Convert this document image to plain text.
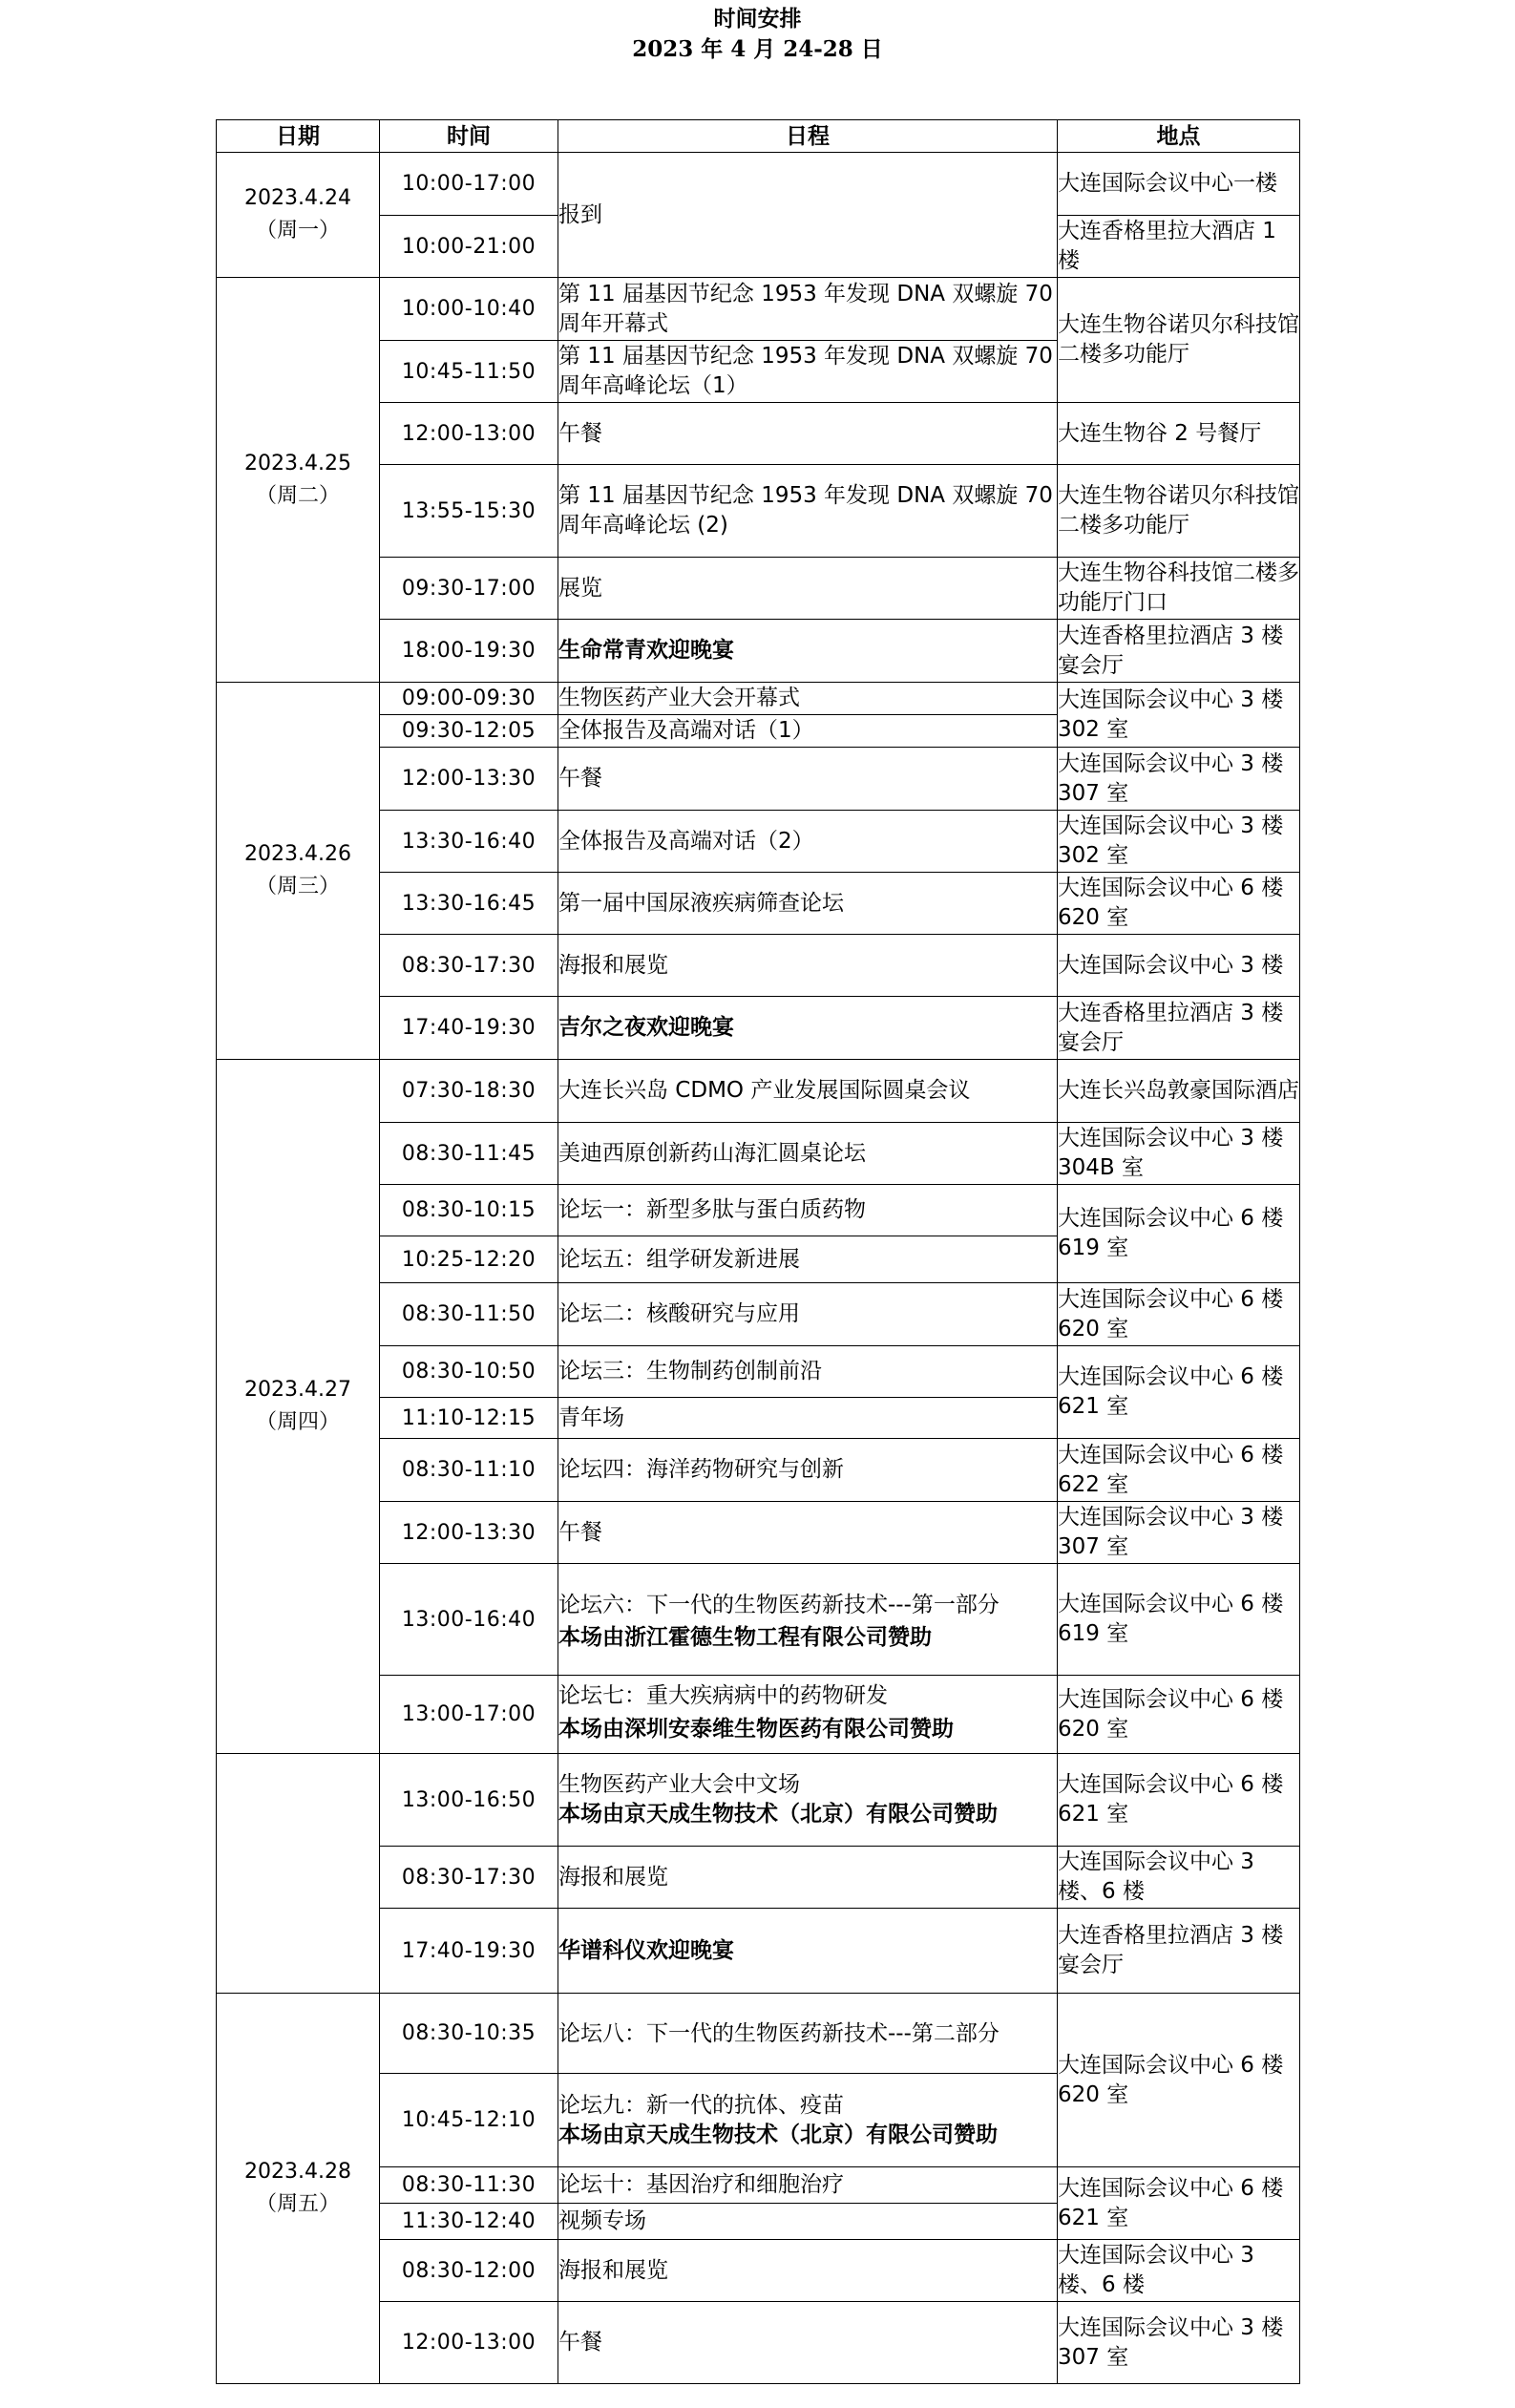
时间安排
2023 年 4 月 24-28 日
日期	时间	日程	地点

2023.4.24
（周一）	10:00-17:00	报到	大连国际会议中心一楼
	10:00-21:00		大连香格里拉大酒店 1 楼

2023.4.25
（周二）	10:00-10:40	第 11 届基因节纪念 1953 年发现 DNA 双螺旋 70 周年开幕式	大连生物谷诺贝尔科技馆二楼多功能厅
	10:45-11:50	第 11 届基因节纪念 1953 年发现 DNA 双螺旋 70 周年高峰论坛（1）	
	12:00-13:00	午餐	大连生物谷 2 号餐厅
	13:55-15:30	第 11 届基因节纪念 1953 年发现 DNA 双螺旋 70 周年高峰论坛 (2)	大连生物谷诺贝尔科技馆二楼多功能厅
	09:30-17:00	展览	大连生物谷科技馆二楼多功能厅门口
	18:00-19:30	生命常青欢迎晚宴	大连香格里拉酒店 3 楼宴会厅

2023.4.26
（周三）	09:00-09:30	生物医药产业大会开幕式	大连国际会议中心 3 楼 302 室
	09:30-12:05	全体报告及高端对话（1）	
	12:00-13:30	午餐	大连国际会议中心 3 楼 307 室
	13:30-16:40	全体报告及高端对话（2）	大连国际会议中心 3 楼 302 室
	13:30-16:45	第一届中国尿液疾病筛查论坛	大连国际会议中心 6 楼 620 室
	08:30-17:30	海报和展览	大连国际会议中心 3 楼
	17:40-19:30	吉尔之夜欢迎晚宴	大连香格里拉酒店 3 楼宴会厅

2023.4.27
（周四）	07:30-18:30	大连长兴岛 CDMO 产业发展国际圆桌会议	大连长兴岛敦豪国际酒店
	08:30-11:45	美迪西原创新药山海汇圆桌论坛	大连国际会议中心 3 楼 304B 室
	08:30-10:15	论坛一：新型多肽与蛋白质药物	大连国际会议中心 6 楼 619 室
	10:25-12:20	论坛五：组学研发新进展	
	08:30-11:50	论坛二：核酸研究与应用	大连国际会议中心 6 楼 620 室
	08:30-10:50	论坛三：生物制药创制前沿	大连国际会议中心 6 楼 621 室
	11:10-12:15	青年场	
	08:30-11:10	论坛四：海洋药物研究与创新	大连国际会议中心 6 楼 622 室
	12:00-13:30	午餐	大连国际会议中心 3 楼 307 室
	13:00-16:40	论坛六：下一代的生物医药新技术---第一部分
本场由浙江霍德生物工程有限公司赞助	大连国际会议中心 6 楼 619 室
	13:00-17:00	论坛七：重大疾病病中的药物研发
本场由深圳安泰维生物医药有限公司赞助	大连国际会议中心 6 楼 620 室
	13:00-16:50	生物医药产业大会中文场
本场由京天成生物技术（北京）有限公司赞助	大连国际会议中心 6 楼 621 室
	08:30-17:30	海报和展览	大连国际会议中心 3 楼、6 楼
	17:40-19:30	华谱科仪欢迎晚宴	大连香格里拉酒店 3 楼宴会厅

2023.4.28
（周五）	08:30-10:35	论坛八：下一代的生物医药新技术---第二部分	大连国际会议中心 6 楼 620 室
	10:45-12:10	论坛九：新一代的抗体、疫苗
本场由京天成生物技术（北京）有限公司赞助	

	08:30-11:30	论坛十：基因治疗和细胞治疗	大连国际会议中心 6 楼 621 室
	11:30-12:40	视频专场	
	08:30-12:00	海报和展览	大连国际会议中心 3 楼、6 楼
	12:00-13:00	午餐	大连国际会议中心 3 楼 307 室
